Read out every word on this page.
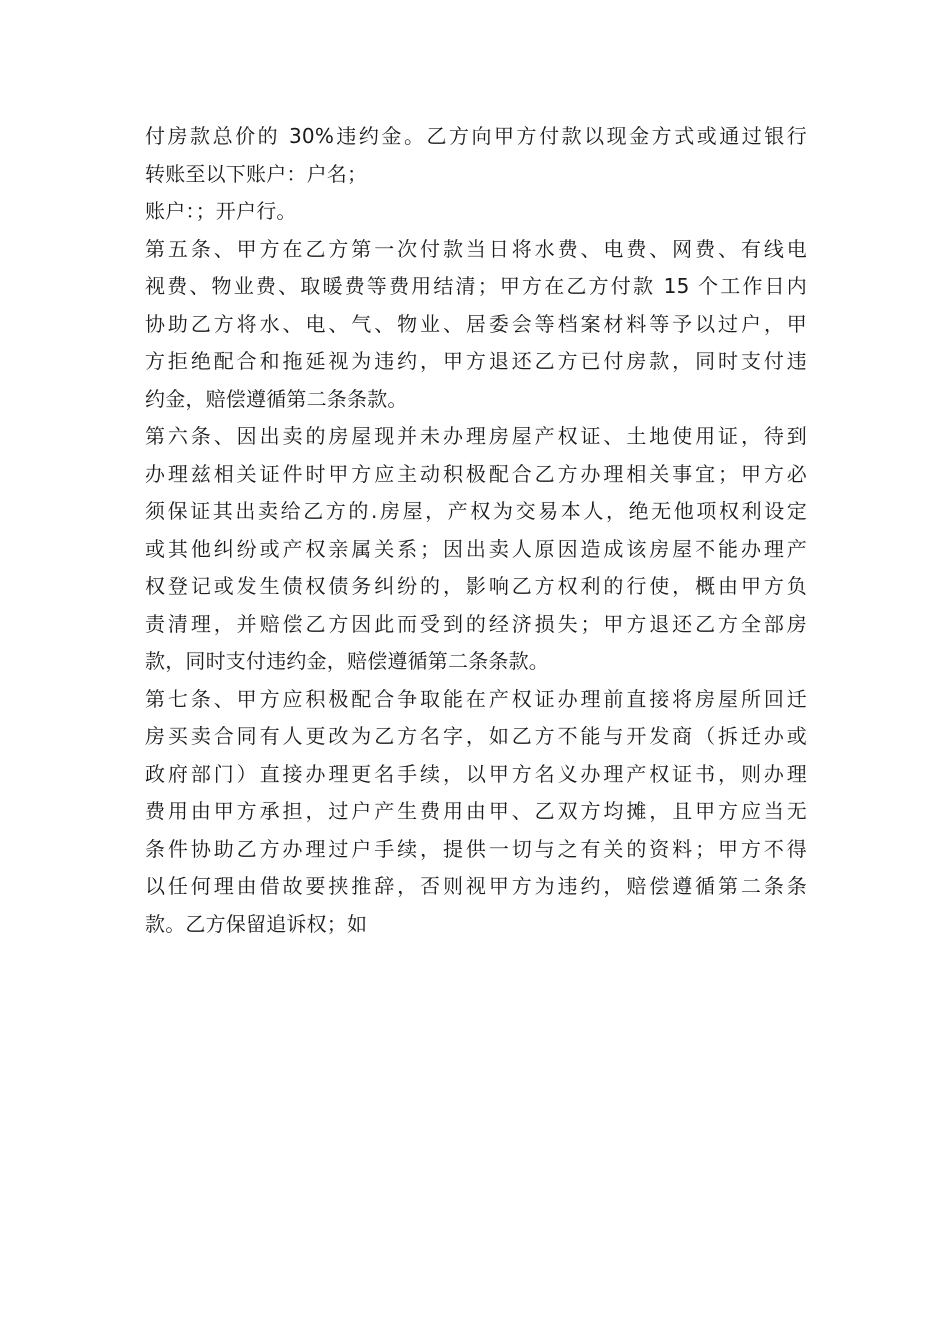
付房款总价的 30%违约金。乙方向甲方付款以现金方式或通过银行
转账至以下账户：户名；
账户：；开户行。
第五条、甲方在乙方第一次付款当日将水费、电费、网费、有线电
视费、物业费、取暖费等费用结清；甲方在乙方付款 15 个工作日内
协助乙方将水、电、气、物业、居委会等档案材料等予以过户，甲
方拒绝配合和拖延视为违约，甲方退还乙方已付房款，同时支付违
约金，赔偿遵循第二条条款。
第六条、因出卖的房屋现并未办理房屋产权证、土地使用证，待到
办理兹相关证件时甲方应主动积极配合乙方办理相关事宜；甲方必
须保证其出卖给乙方的.房屋，产权为交易本人，绝无他项权利设定
或其他纠纷或产权亲属关系；因出卖人原因造成该房屋不能办理产
权登记或发生债权债务纠纷的，影响乙方权利的行使，概由甲方负
责清理，并赔偿乙方因此而受到的经济损失；甲方退还乙方全部房
款，同时支付违约金，赔偿遵循第二条条款。
第七条、甲方应积极配合争取能在产权证办理前直接将房屋所回迁
房买卖合同有人更改为乙方名字，如乙方不能与开发商（拆迁办或
政府部门）直接办理更名手续，以甲方名义办理产权证书，则办理
费用由甲方承担，过户产生费用由甲、乙双方均摊，且甲方应当无
条件协助乙方办理过户手续，提供一切与之有关的资料；甲方不得
以任何理由借故要挟推辞，否则视甲方为违约，赔偿遵循第二条条
款。乙方保留追诉权；如
